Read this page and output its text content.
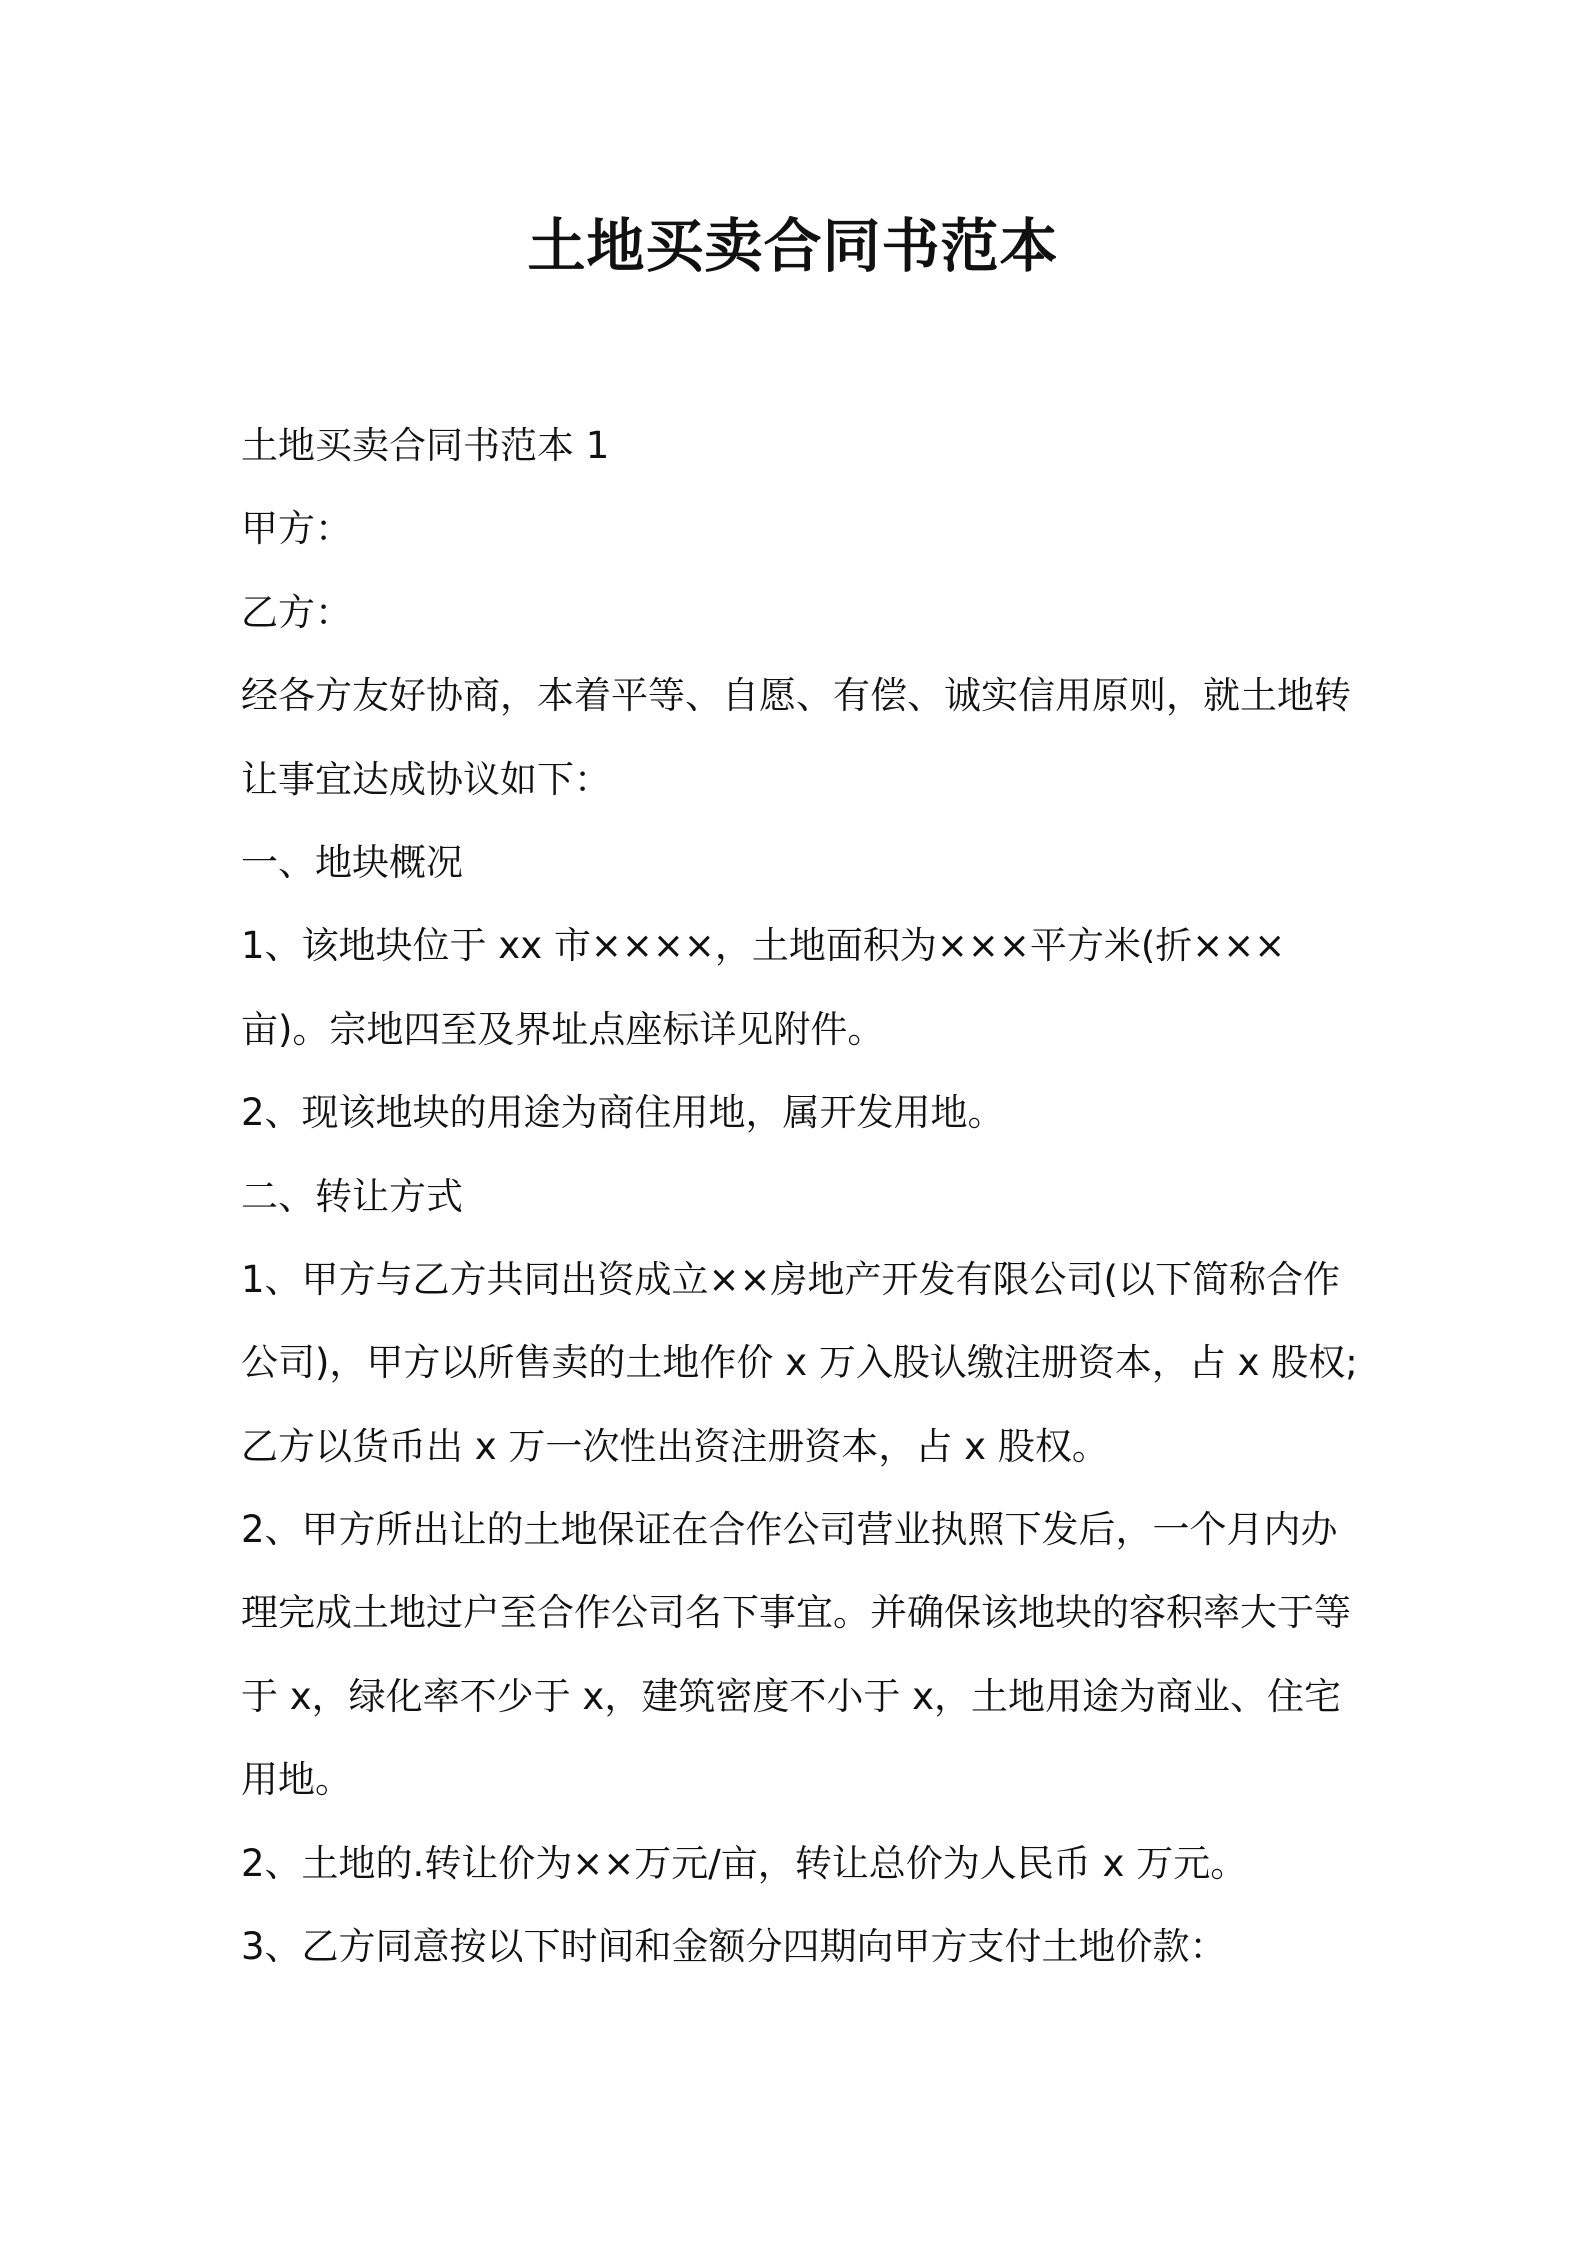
土地买卖合同书范本

土地买卖合同书范本 1

甲方：

乙方：

经各方友好协商，本着平等、自愿、有偿、诚实信用原则，就土地转

让事宜达成协议如下：

一、地块概况

1、该地块位于 xx 市××××，土地面积为×××平方米(折×××

亩)。宗地四至及界址点座标详见附件。

2、现该地块的用途为商住用地，属开发用地。

二、转让方式

1、甲方与乙方共同出资成立××房地产开发有限公司(以下简称合作

公司)，甲方以所售卖的土地作价 x 万入股认缴注册资本，占 x 股权;

乙方以货币出 x 万一次性出资注册资本，占 x 股权。

2、甲方所出让的土地保证在合作公司营业执照下发后，一个月内办

理完成土地过户至合作公司名下事宜。并确保该地块的容积率大于等

于 x，绿化率不少于 x，建筑密度不小于 x，土地用途为商业、住宅

用地。

2、土地的.转让价为××万元/亩，转让总价为人民币 x 万元。

3、乙方同意按以下时间和金额分四期向甲方支付土地价款：
